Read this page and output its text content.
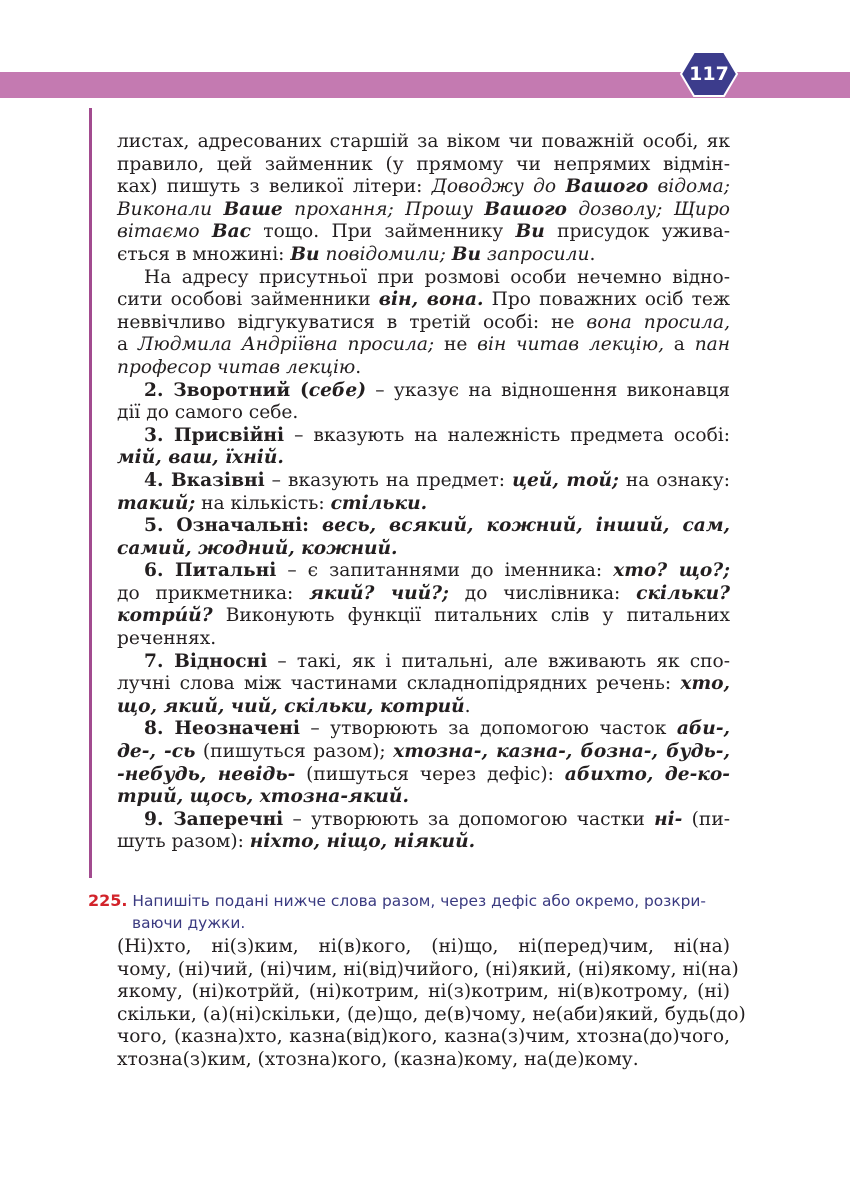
117
листах, адресованих старшій за віком чи поважній особі, як
правило, цей займенник (у прямому чи непрямих відмін-
ках) пишуть з великої літери: Доводжу до Вашого відома;
Виконали Ваше прохання; Прошу Вашого дозволу; Щиро
вітаємо Вас тощо. При займеннику Ви присудок ужива-
ється в множині: Ви повідомили; Ви запросили.
На адресу присутньої при розмові особи нечемно відно-
сити особові займенники він, вона. Про поважних осіб теж
неввічливо відгукуватися в третій особі: не вона просила,
а Людмила Андріївна просила; не він читав лекцію, а пан
професор читав лекцію.
2. Зворотний (себе) – указує на відношення виконавця
дії до самого себе.
3. Присвійні – вказують на належність предмета особі:
мій, ваш, їхній.
4. Вказівні – вказують на предмет: цей, той; на ознаку:
такий; на кількість: стільки.
5. Означальні: весь, всякий, кожний, інший, сам,
самий, жодний, кожний.
6. Питальні – є запитаннями до іменника: хто? що?;
до прикметника: який? чий?; до числівника: скільки?
котри́й? Виконують функції питальних слів у питальних
реченнях.
7. Відносні – такі, як і питальні, але вживають як спо-
лучні слова між частинами складнопідрядних речень: хто,
що, який, чий, скільки, котрий.
8. Неозначені – утворюють за допомогою часток аби-,
де-, -сь (пишуться разом); хтозна-, казна-, бозна-, будь-,
-небудь, невідь- (пишуться через дефіс): абихто, де-ко-
трий, щось, хтозна-який.
9. Заперечні – утворюють за допомогою частки ні- (пи-
шуть разом): ніхто, ніщо, ніякий.
225. Напишіть подані нижче слова разом, через дефіс або окремо, розкри-
ваючи дужки.
(Ні)хто, ні(з)ким, ні(в)кого, (ні)що, ні(перед)чим, ні(на)
чому, (ні)чий, (ні)чим, ні(від)чийого, (ні)який, (ні)якому, ні(на)
якому, (ні)котрйй, (ні)котрим, ні(з)котрим, ні(в)котрому, (ні)
скільки, (а)(ні)скільки, (де)що, де(в)чому, не(аби)який, будь(до)
чого, (казна)хто, казна(від)кого, казна(з)чим, хтозна(до)чого,
хтозна(з)ким, (хтозна)кого, (казна)кому, на(де)кому.
